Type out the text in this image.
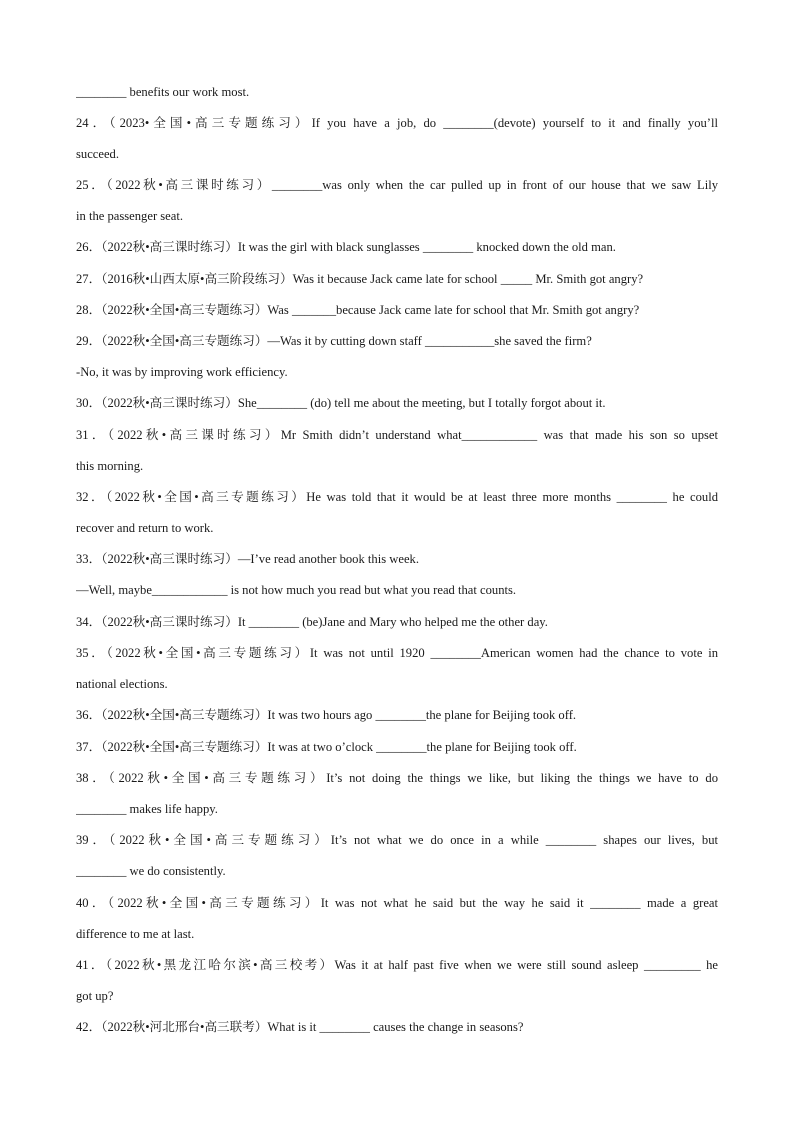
________ benefits our work most.
24．（2023•全国•高三专题练习）If you have a job, do ________(devote) yourself to it and finally you’ll
succeed.
25．（2022秋•高三课时练习）________was only when the car pulled up in front of our house that we saw Lily
in the passenger seat.
26．（2022秋•高三课时练习）It was the girl with black sunglasses ________ knocked down the old man.
27．（2016秋•山西太原•高三阶段练习）Was it because Jack came late for school _____ Mr. Smith got angry?
28．（2022秋•全国•高三专题练习）Was _______because Jack came late for school that Mr. Smith got angry?
29．（2022秋•全国•高三专题练习）—Was it by cutting down staff ___________she saved the firm?
-No, it was by improving work efficiency.
30．（2022秋•高三课时练习）She________ (do) tell me about the meeting, but I totally forgot about it.
31．（2022秋•高三课时练习）Mr Smith didn’t understand what____________ was that made his son so upset
this morning.
32．（2022秋•全国•高三专题练习）He was told that it would be at least three more months ________ he could
recover and return to work.
33．（2022秋•高三课时练习）—I’ve read another book this week.
—Well, maybe____________ is not how much you read but what you read that counts.
34．（2022秋•高三课时练习）It ________ (be)Jane and Mary who helped me the other day.
35．（2022秋•全国•高三专题练习）It was not until 1920 ________American women had the chance to vote in
national elections.
36．（2022秋•全国•高三专题练习）It was two hours ago ________the plane for Beijing took off.
37．（2022秋•全国•高三专题练习）It was at two o’clock ________the plane for Beijing took off.
38．（2022秋•全国•高三专题练习）It’s not doing the things we like, but liking the things we have to do
________ makes life happy.
39．（2022秋•全国•高三专题练习）It’s not what we do once in a while ________ shapes our lives, but
________ we do consistently.
40．（2022秋•全国•高三专题练习）It was not what he said but the way he said it ________ made a great
difference to me at last.
41．（2022秋•黑龙江哈尔滨•高三校考）Was it at half past five when we were still sound asleep _________ he
got up?
42．（2022秋•河北邢台•高三联考）What is it ________ causes the change in seasons?
